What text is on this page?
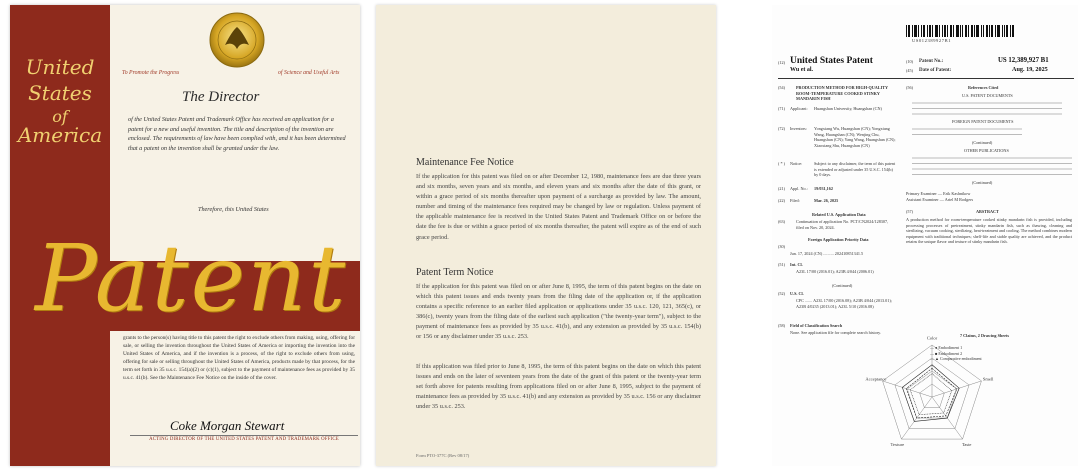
United
States
of
America
To Promote the Progress	of Science and Useful Arts
The Director
of the United States Patent and Trademark Office has received an application for a patent for a new and useful invention. The title and description of the invention are enclosed. The requirements of law have been complied with, and it has been determined that a patent on the invention shall be granted under the law.
Therefore, this United States
Patent
grants to the person(s) having title to this patent the right to exclude others from making, using, offering for sale, or selling the invention throughout the United States of America or importing the invention into the United States of America, and if the invention is a process, of the right to exclude others from using, offering for sale or selling throughout the United States of America, products made by that process, for the term set forth in 35 u.s.c. 154(a)(2) or (c)(1), subject to the payment of maintenance fees as provided by 35 u.s.c. 41(b). See the Maintenance Fee Notice on the inside of the cover.
Coke Morgan Stewart
ACTING DIRECTOR OF THE UNITED STATES PATENT AND TRADEMARK OFFICE
Maintenance Fee Notice
If the application for this patent was filed on or after December 12, 1980, maintenance fees are due three years and six months, seven years and six months, and eleven years and six months after the date of this grant, or within a grace period of six months thereafter upon payment of a surcharge as provided by law. The amount, number and timing of the maintenance fees required may be changed by law or regulation. Unless payment of the applicable maintenance fee is received in the United States Patent and Trademark Office on or before the date the fee is due or within a grace period of six months thereafter, the patent will expire as of the end of such grace period.
Patent Term Notice
If the application for this patent was filed on or after June 8, 1995, the term of this patent begins on the date on which this patent issues and ends twenty years from the filing date of the application or, if the application contains a specific reference to an earlier filed application or applications under 35 u.s.c. 120, 121, 365(c), or 386(c), twenty years from the filing date of the earliest such application ("the twenty-year term"), subject to the payment of maintenance fees as provided by 35 u.s.c. 41(b), and any extension as provided by 35 u.s.c. 154(b) or 156 or any disclaimer under 35 u.s.c. 253.
If this application was filed prior to June 8, 1995, the term of this patent begins on the date on which this patent issues and ends on the later of seventeen years from the date of the grant of this patent or the twenty-year term set forth above for patents resulting from applications filed on or after June 8, 1995, subject to the payment of maintenance fees as provided by 35 u.s.c. 41(b) and any extension as provided by 35 u.s.c. 156 or any disclaimer under 35 u.s.c. 253.
Form PTO-377C (Rev 08/17)
US012389927B1
(12) United States Patent
Wu et al.
(10) Patent No.:	US 12,389,927 B1
(45) Date of Patent:	Aug. 19, 2025
(54)	PRODUCTION METHOD FOR HIGH-QUALITY ROOM-TEMPERATURE COOKED STINKY MANDARIN FISH
(71) Applicant: Huangshan University, Huangshan (CN)
(72) Inventors: Yongxiang Wu, Huangshan (CN); Yongxiang Wang, Huangshan (CN); Wenjing Chu, Huangshan (CN); Yang Wang, Huangshan (CN); Xiaoxiang Shu, Huangshan (CN)
( * ) Notice:	Subject to any disclaimer, the term of this patent is extended or adjusted under 35 U.S.C. 154(b) by 0 days.
(21) Appl. No.: 19/031,162
(22) Filed:	Mar. 26, 2025
Related U.S. Application Data
(63)	Continuation of application No. PCT/CN2024/128307, filed on Nov. 20, 2024.
Foreign Application Priority Data
(30)
Jun. 17, 2024 (CN) .......... 202410851341.5
(51) Int. Cl.
A23L 17/00 (2016.01); A23B 4/044 (2006.01)
(Continued)
(52) U.S. Cl.
CPC ....... A23L 17/00 (2016.08); A23B 4/044 (2013.01); A23B 4/0235 (2013.01); A23L 5/10 (2016.08)
(58) Field of Classification Search
None. See application file for complete search history.
(56)	References Cited
U.S. PATENT DOCUMENTS
FOREIGN PATENT DOCUMENTS
(Continued)
OTHER PUBLICATIONS
(Continued)
Primary Examiner — Erik Kashnikow
Assistant Examiner — Ariel M Rodgers
(57)	ABSTRACT
A production method for room-temperature cooked stinky mandarin fish is provided, including processing processes of pretreatment, stinky mandarin fish, such as thawing, cleaning and sterilizing, vacuum cooking, sterilizing, heat-treatment and cooling. The method combines modern equipment with traditional techniques; shelf-life and stable quality are achieved, and the product retains the unique flavor and texture of stinky mandarin fish.
7 Claims, 2 Drawing Sheets
Color
Smell
Taste
Texture
Acceptance
— ● Embodiment 1
— ■ Embodiment 2
— ▲ Comparative embodiment
